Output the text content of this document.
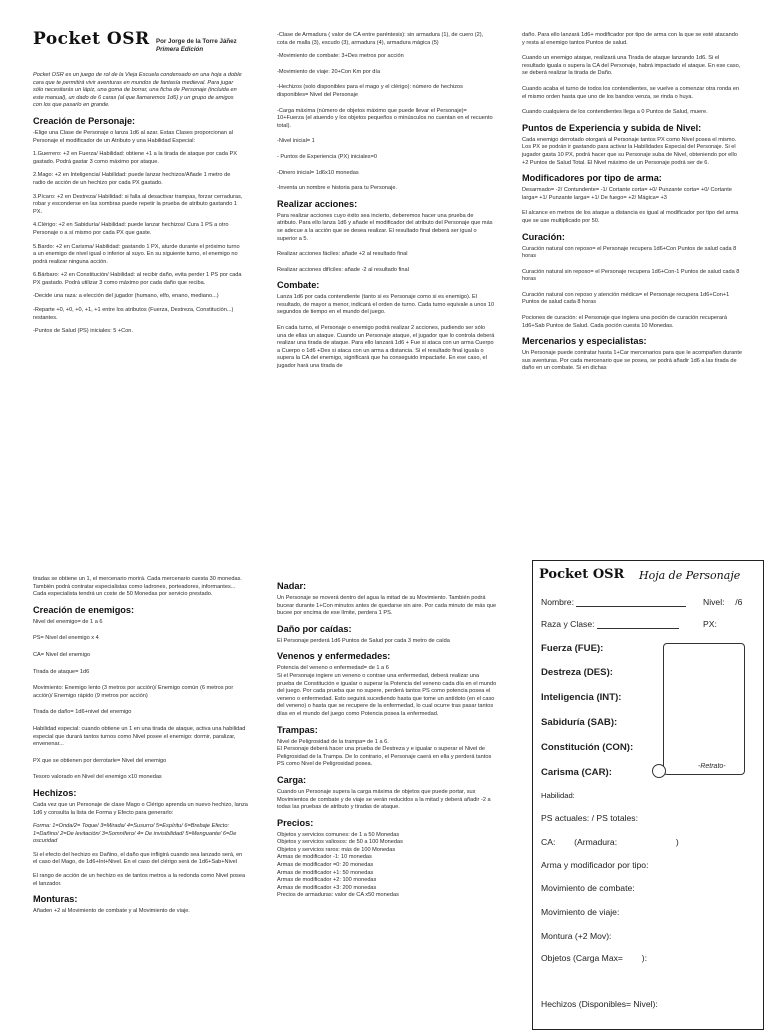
Pocket OSR Por Jorge de la Torre Jáñez
Primera Edición

Pocket OSR es un juego de rol de la Vieja Escuela condensado en una hoja a doble cara que te permitirá vivir aventuras en mundos de fantasía medieval. Para jugar sólo necesitarás un lápiz, una goma de borrar, una ficha de Personaje (incluida en este manual), un dado de 6 caras (al que llamaremos 1d6) y un grupo de amigos con los que pasarlo en grande.

Creación de Personaje:

-Elige una Clase de Personaje o lanza 1d6 al azar. Estas Clases proporcionan al Personaje el modificador de un Atributo y una Habilidad Especial:

1.Guerrero: +2 en Fuerza/ Habilidad: obtiene +1 a la tirada de ataque por cada PX gastado. Podrá gastar 3 como máximo por ataque.

2.Mago: +2 en Inteligencia/ Habilidad: puede lanzar hechizos/Añade 1 metro de radio de acción de un hechizo por cada PX gastado.

3.Pícaro: +2 en Destreza/ Habilidad: si falla al desactivar trampas, forzar cerraduras, robar y esconderse en las sombras puede repetir la prueba de atributo gastando 1 PX.

4.Clérigo: +2 en Sabiduría/ Habilidad: puede lanzar hechizos/ Cura 1 PS a otro Personaje o a sí mismo por cada PX que gaste.

5.Bardo: +2 en Carisma/ Habilidad: gastando 1 PX, aturde durante el próximo turno a un enemigo de nivel igual o inferior al suyo. En su siguiente turno, el enemigo no podrá realizar ninguna acción.

6.Bárbaro: +2 en Constitución/ Habilidad: al recibir daño, evita perder 1 PS por cada PX gastado. Podrá utilizar 3 como máximo por cada daño que reciba.

-Decide una raza: a elección del jugador (humano, elfo, enano, mediano...)

-Reparte +0, +0, +0, +1, +1 entre los atributos (Fuerza, Destreza, Constitución...) restantes.

-Puntos de Salud (PS) iniciales: 5 +Con.

-Clase de Armadura ( valor de CA entre paréntesis): sin armadura (1), de cuero (2), cota de malla (3), escudo (3), armadura (4), armadura mágica (5)

-Movimiento de combate: 3+Des metros por acción

-Movimiento de viaje: 20+Con Km por día

-Hechizos (solo disponibles para el mago y el clérigo): número de hechizos disponibles= Nivel del Personaje

-Carga máxima (número de objetos máximo que puede llevar el Personaje)= 10+Fuerza (el atuendo y los objetos pequeños o minúsculos no cuentan en el recuento total).

-Nivel inicial= 1

- Puntos de Experiencia (PX) iniciales=0

-Dinero inicial= 1d6x10 monedas

-Inventa un nombre e historia para tu Personaje.

Realizar acciones:

Para realizar acciones cuyo éxito sea incierto, deberemos hacer una prueba de atributo. Para ello lanza 1d6 y añade el modificador del atributo del Personaje que más se adecue a la acción que se desea realizar. El resultado final deberá ser igual o superior a 5.

Realizar acciones fáciles: añade +2 al resultado final

Realizar acciones difíciles: añade -2 al resultado final

Combate:

Lanza 1d6 por cada contendiente (tanto si es Personaje como si es enemigo). El resultado, de mayor a menor, indicará el orden de turno. Cada turno equivale a unos 10 segundos de tiempo en el mundo del juego.

En cada turno, el Personaje o enemigo podrá realizar 2 acciones, pudiendo ser sólo una de ellas un ataque. Cuando un Personaje ataque, el jugador que lo controla deberá realizar una tirada de ataque. Para ello lanzará 1d6 + Fue si ataca con un arma Cuerpo a Cuerpo o 1d6 +Des si ataca con un arma a distancia. Si el resultado final iguala o supera la CA del enemigo, significará que ha conseguido impactarle. En ese caso, el jugador hará una tirada de

daño. Para ello lanzará 1d6+ modificador por tipo de arma con la que se esté atacando y resta al enemigo tantos Puntos de salud.

Cuando un enemigo ataque, realizará una Tirada de ataque lanzando 1d6. Si el resultado iguala o supera la CA del Personaje, habrá impactado el ataque. En ese caso, se deberá realizar la tirada de Daño.

Cuando acaba el turno de todos los contendientes, se vuelve a comenzar otra ronda en el mismo orden hasta que uno de los bandos venza, se rinda o huya.

Cuando cualquiera de los contendientes llega a 0 Puntos de Salud, muere.

Puntos de Experiencia y subida de Nivel:

Cada enemigo derrotado otorgará al Personaje tantos PX como Nivel posea el mismo. Los PX se podrán ir gastando para activar la Habilidades Especial del Personaje. Si el jugador gasta 10 PX, podrá hacer que su Personaje suba de Nivel, obteniendo por ello +2 Puntos de Salud Total. El Nivel máximo de un Personaje podrá ser de 6.

Modificadores por tipo de arma:

Desarmado= -2/ Contundente= -1/ Cortante corta= +0/ Punzante corta= +0/ Cortante larga= +1/ Punzante larga= +1/ De fuego= +2/ Mágica= +3

El alcance en metros de los ataque a distancia es igual al modificador por tipo del arma que se use multiplicado por 50.

Curación:

Curación natural con reposo= el Personaje recupera 1d6+Con Puntos de salud cada 8 horas

Curación natural sin reposo= el Personaje recupera 1d6+Con-1 Puntos de salud cada 8 horas

Curación natural con reposo y atención médica= el Personaje recupera 1d6+Con+1 Puntos de salud cada 8 horas

Pociones de curación: el Personaje que ingiera una poción de curación recuperará 1d6+Sab Puntos de Salud. Cada poción cuesta 10 Monedas.

Mercenarios y especialistas:

Un Personaje puede contratar hasta 1+Car mercenarios para que le acompañen durante sus aventuras. Por cada mercenario que se posea, se podrá añadir 1d6 a las tirada de daño en un combate. Si en dichas

tiradas se obtiene un 1, el mercenario morirá. Cada mercenario cuesta 30 monedas. También podrá contratar especialistas como ladrones, porteadores, informantes... Cada especialista tendrá un coste de 50 Monedas por servicio prestado.

Creación de enemigos:

Nivel del enemigo= de 1 a 6

PS= Nivel del enemigo x 4

CA= Nivel del enemigo

Tirada de ataque= 1d6

Movimiento: Enemigo lento (3 metros por acción)/ Enemigo común (6 metros por acción)/ Enemigo rápido (9 metros por acción)

Tirada de daño= 1d6+nivel del enemigo

Habilidad especial: cuando obtiene un 1 en una tirada de ataque, activa una habilidad especial que durará tantos turnos como Nivel posee el enemigo: dormir, paralizar, envenenar...

PX que se obtienen por derrotarle= Nivel del enemigo

Tesoro valorado en Nivel del enemigo x10 monedas

Hechizos:

Cada vez que un Personaje de clase Mago o Clérigo aprenda un nuevo hechizo, lanza 1d6 y consulta la lista de Forma y Efecto para generarlo:

Forma: 1=Onda/2= Toque/ 3=Mirada/ 4=Susurro/ 5=Espíritu/ 6=Brebaje Efecto: 1=Dañino/ 2=De levitación/ 3=Somnífero/ 4= De invisibilidad/ 5=Menguante/ 6=De oscuridad

Si el efecto del hechizo es Dañino, el daño que infligirá cuando sea lanzado será, en el caso del Mago, de 1d6+Int+Nivel. En el caso del clérigo será de 1d6+Sab+Nivel

El rango de acción de un hechizo es de tantos metros a la redonda como Nivel posea el lanzador.

Monturas:

Añaden +2 al Movimiento de combate y al Movimiento de viaje.

Nadar:

Un Personaje se moverá dentro del agua la mitad de su Movimiento. También podrá bucear durante 1+Con minutos antes de quedarse sin aire. Por cada minuto de más que bucee por encima de ese límite, perdera 1 PS.

Daño por caídas:

El Personaje perderá 1d6 Puntos de Salud por cada 3 metro de caída

Venenos y enfermedades:

Potencia del veneno o enfermedad= de 1 a 6

Si el Personaje ingiere un veneno o contrae una enfermedad, deberá realizar una prueba de Constitución e igualar o superar la Potencia del veneno cada día en el mundo del juego. Por cada prueba que no supere, perderá tantos PS como potencia posea el veneno o enfermedad. Esto seguirá sucediendo hasta que tome un antídoto (en el caso del veneno) o hasta que se recupere de la enfermedad, lo cual ocurre tras pasar tantos días en el mundo del juego como Potencia posea la enfermedad.

Trampas:

Nivel de Peligrosidad de la trampa= de 1 a 6.

El Personaje deberá hacer una prueba de Destreza y e igualar o superar el Nivel de Peligrosidad de la Trampa. De lo contrario, el Personaje caerá en ella y perderá tantos PS como Nivel de Peligrosidad posea.

Carga:

Cuando un Personaje supera la carga máxima de objetos que puede portar, sus Movimientos de combate y de viaje se verán reducidos a la mitad y deberá añadir -2 a todas las pruebas de atributo y tiradas de ataque.

Precios:
Objetos y servicios comunes: de 1 a 50 Monedas
Objetos y servicios valiosos: de 50 a 100 Monedas
Objetos y servicios raros: más de 100 Monedas
Armas de modificador -1: 10 monedas
Armas de modificador =0: 20 monedas
Armas de modificador +1: 50 monedas
Armas de modificador +2: 100 monedas
Armas de modificador +3: 200 monedas
Precios de armaduras: valor de CA x50 monedas
Pocket OSR Hoja de Personaje
Nombre:	Nivel: /6
Raza y Clase:	PX:
Fuerza (FUE):
Destreza (DES):
Inteligencia (INT):
Sabiduría (SAB):
Constitución (CON):
Carisma (CAR):
-Retrato-
Habilidad:
PS actuales: / PS totales:
CA: (Armadura:	)
Arma y modificador por tipo:
Movimiento de combate:
Movimiento de viaje:
Montura (+2 Mov):
Objetos (Carga Max= ):
Hechizos (Disponibles= Nivel):
